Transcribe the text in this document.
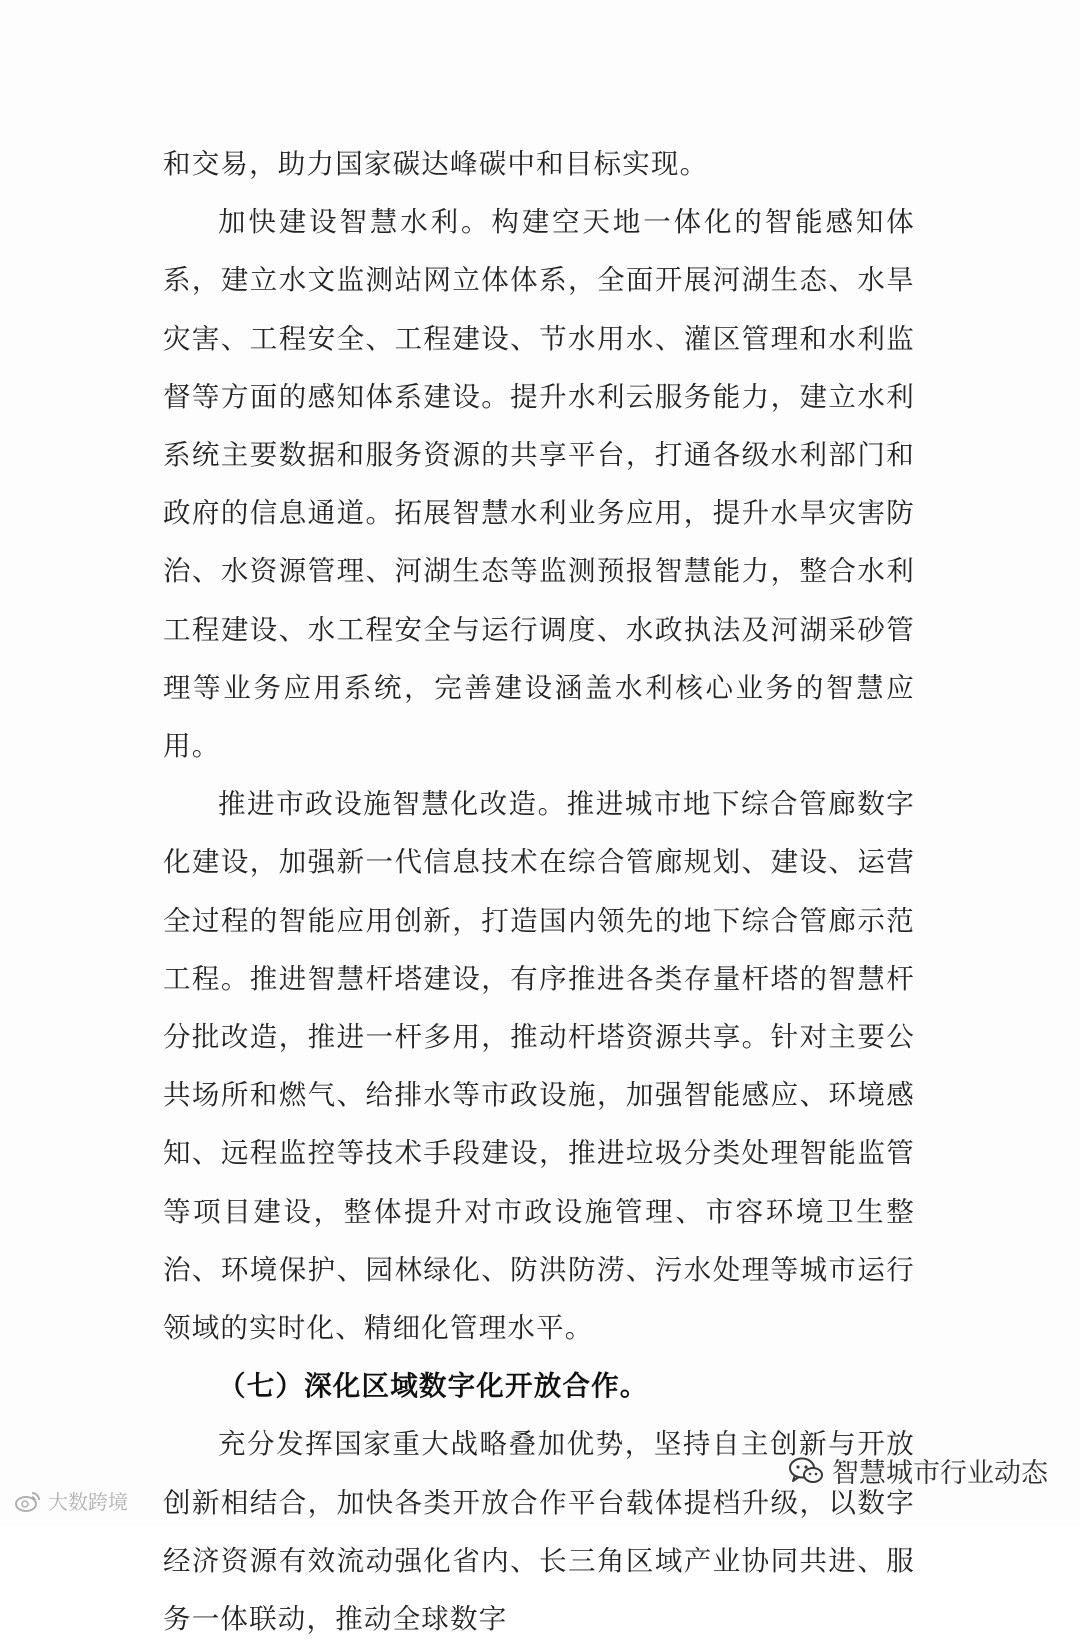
和交易，助力国家碳达峰碳中和目标实现。

加快建设智慧水利。构建空天地一体化的智能感知体系，建立水文监测站网立体体系，全面开展河湖生态、水旱灾害、工程安全、工程建设、节水用水、灌区管理和水利监督等方面的感知体系建设。提升水利云服务能力，建立水利系统主要数据和服务资源的共享平台，打通各级水利部门和政府的信息通道。拓展智慧水利业务应用，提升水旱灾害防治、水资源管理、河湖生态等监测预报智慧能力，整合水利工程建设、水工程安全与运行调度、水政执法及河湖采砂管理等业务应用系统，完善建设涵盖水利核心业务的智慧应用。

推进市政设施智慧化改造。推进城市地下综合管廊数字化建设，加强新一代信息技术在综合管廊规划、建设、运营全过程的智能应用创新，打造国内领先的地下综合管廊示范工程。推进智慧杆塔建设，有序推进各类存量杆塔的智慧杆分批改造，推进一杆多用，推动杆塔资源共享。针对主要公共场所和燃气、给排水等市政设施，加强智能感应、环境感知、远程监控等技术手段建设，推进垃圾分类处理智能监管等项目建设，整体提升对市政设施管理、市容环境卫生整治、环境保护、园林绿化、防洪防涝、污水处理等城市运行领域的实时化、精细化管理水平。

（七）深化区域数字化开放合作。

充分发挥国家重大战略叠加优势，坚持自主创新与开放创新相结合，加快各类开放合作平台载体提档升级，以数字经济资源有效流动强化省内、长三角区域产业协同共进、服务一体联动，推动全球数字

大数跨境
智慧城市行业动态
